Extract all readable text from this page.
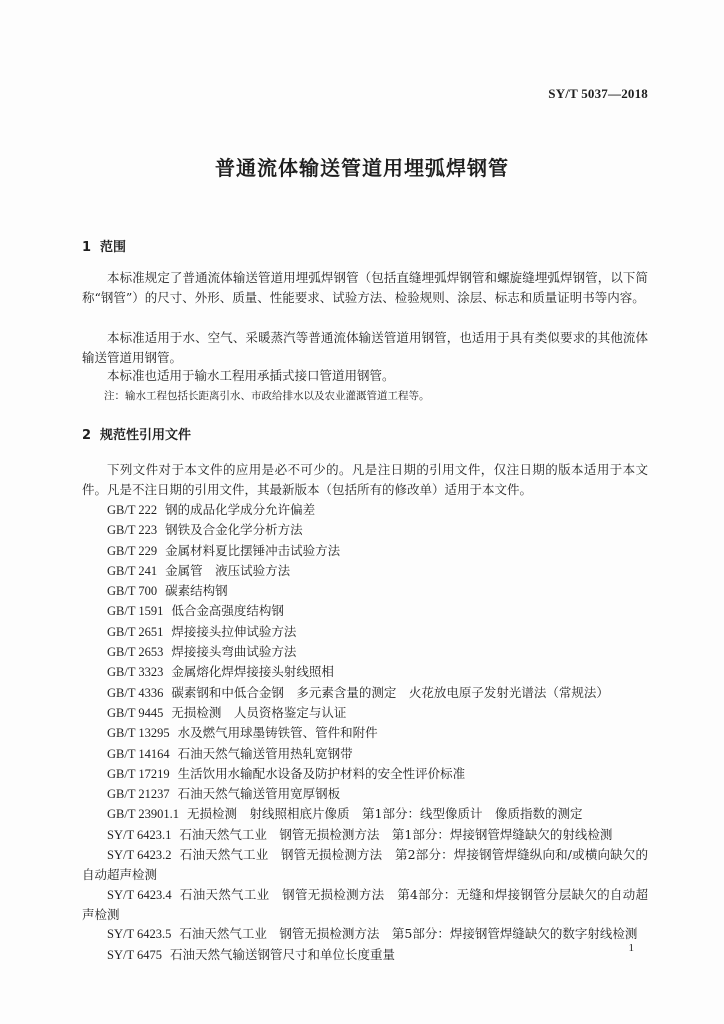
SY/T 5037—2018
普通流体输送管道用埋弧焊钢管
1 范围
本标准规定了普通流体输送管道用埋弧焊钢管（包括直缝埋弧焊钢管和螺旋缝埋弧焊钢管，以下简称“钢管”）的尺寸、外形、质量、性能要求、试验方法、检验规则、涂层、标志和质量证明书等内容。
本标准适用于水、空气、采暖蒸汽等普通流体输送管道用钢管，也适用于具有类似要求的其他流体输送管道用钢管。
本标准也适用于输水工程用承插式接口管道用钢管。
注：输水工程包括长距离引水、市政给排水以及农业灌溉管道工程等。
2 规范性引用文件
下列文件对于本文件的应用是必不可少的。凡是注日期的引用文件，仅注日期的版本适用于本文件。凡是不注日期的引用文件，其最新版本（包括所有的修改单）适用于本文件。
GB/T 222 钢的成品化学成分允许偏差
GB/T 223 钢铁及合金化学分析方法
GB/T 229 金属材料夏比摆锤冲击试验方法
GB/T 241 金属管　液压试验方法
GB/T 700 碳素结构钢
GB/T 1591 低合金高强度结构钢
GB/T 2651 焊接接头拉伸试验方法
GB/T 2653 焊接接头弯曲试验方法
GB/T 3323 金属熔化焊焊接接头射线照相
GB/T 4336 碳素钢和中低合金钢　多元素含量的测定　火花放电原子发射光谱法（常规法）
GB/T 9445 无损检测　人员资格鉴定与认证
GB/T 13295 水及燃气用球墨铸铁管、管件和附件
GB/T 14164 石油天然气输送管用热轧宽钢带
GB/T 17219 生活饮用水输配水设备及防护材料的安全性评价标准
GB/T 21237 石油天然气输送管用宽厚钢板
GB/T 23901.1 无损检测　射线照相底片像质　第1部分：线型像质计　像质指数的测定
SY/T 6423.1 石油天然气工业　钢管无损检测方法　第1部分：焊接钢管焊缝缺欠的射线检测
SY/T 6423.2 石油天然气工业　钢管无损检测方法　第2部分：焊接钢管焊缝纵向和/或横向缺欠的自动超声检测
SY/T 6423.4 石油天然气工业　钢管无损检测方法　第4部分：无缝和焊接钢管分层缺欠的自动超声检测
SY/T 6423.5 石油天然气工业　钢管无损检测方法　第5部分：焊接钢管焊缝缺欠的数字射线检测
SY/T 6475 石油天然气输送钢管尺寸和单位长度重量	1
